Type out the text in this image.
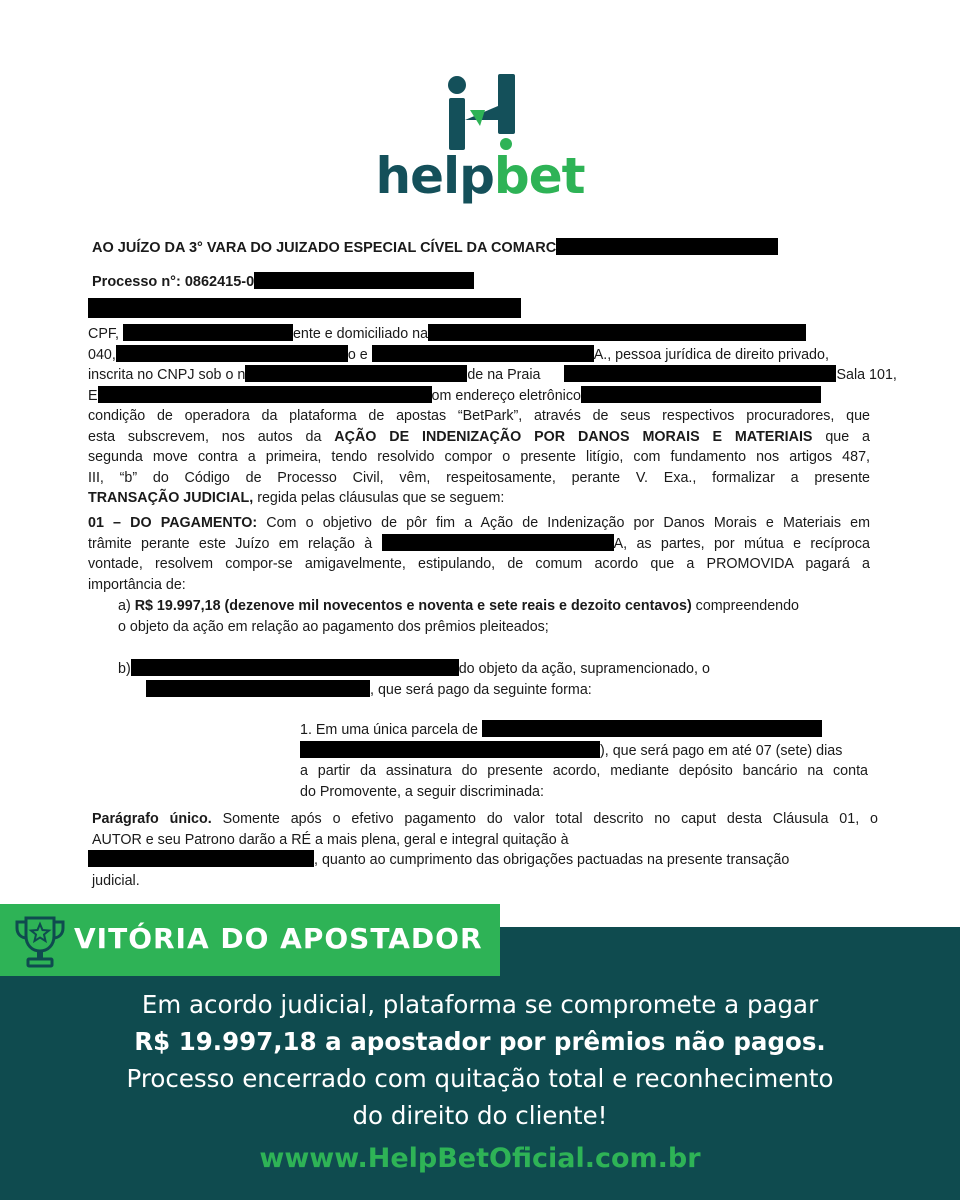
helpbet
AO JUÍZO DA 3° VARA DO JUIZADO ESPECIAL CÍVEL DA COMARC
Processo n°: 0862415-0
CPF,	ente e domiciliado na
040,	o e	A., pessoa jurídica de direito privado,
inscrita no CNPJ sob o n	de na Praia	Sala 101,
E	om endereço eletrônico
condição de operadora da plataforma de apostas “BetPark”, através de seus respectivos procuradores, que
esta subscrevem, nos autos da AÇÃO DE INDENIZAÇÃO POR DANOS MORAIS E MATERIAIS que a
segunda move contra a primeira, tendo resolvido compor o presente litígio, com fundamento nos artigos 487,
III, “b” do Código de Processo Civil, vêm, respeitosamente, perante V. Exa., formalizar a presente
TRANSAÇÃO JUDICIAL, regida pelas cláusulas que se seguem:
01 – DO PAGAMENTO: Com o objetivo de pôr fim a Ação de Indenização por Danos Morais e Materiais em
trâmite perante este Juízo em relação à	A, as partes, por mútua e recíproca
vontade, resolvem compor-se amigavelmente, estipulando, de comum acordo que a PROMOVIDA pagará a
importância de:
a) R$ 19.997,18 (dezenove mil novecentos e noventa e sete reais e dezoito centavos) compreendendo
o objeto da ação em relação ao pagamento dos prêmios pleiteados;
b)	do objeto da ação, supramencionado, o
, que será pago da seguinte forma:
1. Em uma única parcela de
), que será pago em até 07 (sete) dias
a partir da assinatura do presente acordo, mediante depósito bancário na conta
do Promovente, a seguir discriminada:
Parágrafo único. Somente após o efetivo pagamento do valor total descrito no caput desta Cláusula 01, o
AUTOR e seu Patrono darão a RÉ a mais plena, geral e integral quitação à
, quanto ao cumprimento das obrigações pactuadas na presente transação
judicial.
VITÓRIA DO APOSTADOR
Em acordo judicial, plataforma se compromete a pagar
R$ 19.997,18 a apostador por prêmios não pagos.
Processo encerrado com quitação total e reconhecimento
do direito do cliente!
wwww.HelpBetOficial.com.br
